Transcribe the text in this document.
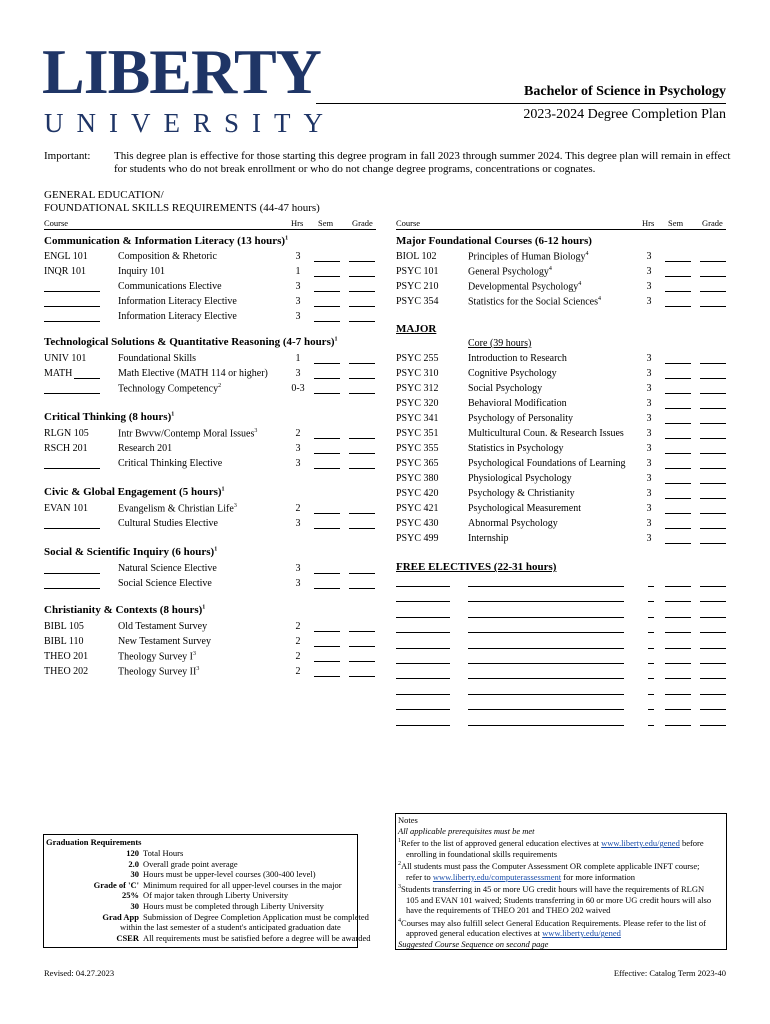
LIBERTY
UNIVERSITY
Bachelor of Science in Psychology
2023-2024 Degree Completion Plan
Important: This degree plan is effective for those starting this degree program in fall 2023 through summer 2024. This degree plan will remain in effect for students who do not break enrollment or who do not change degree programs, concentrations or cognates.
GENERAL EDUCATION/
FOUNDATIONAL SKILLS REQUIREMENTS (44-47 hours)
Course	Hrs Sem Grade	Course	Hrs Sem Grade
Communication & Information Literacy (13 hours)$^1$
Technological Solutions & Quantitative Reasoning (4-7 hours)$^1$
Critical Thinking (8 hours)$^1$
Civic & Global Engagement (5 hours)$^1$
Social & Scientific Inquiry (6 hours)$^1$
Christianity & Contexts (8 hours)$^1$
ENGL 101	Composition & Rhetoric	3
INQR 101	Inquiry 101	1
Communications Elective	3
Information Literacy Elective	3
Information Literacy Elective	3
UNIV 101	Foundational Skills	1
MATH	Math Elective (MATH 114 or higher)	3
Technology Competency$^2$	0-3
RLGN 105	Intr Bwvw/Contemp Moral Issues$^3$	2
RSCH 201	Research 201	3
Critical Thinking Elective	3
EVAN 101	Evangelism & Christian Life$^3$	2
Cultural Studies Elective	3
Natural Science Elective	3
Social Science Elective	3
BIBL 105	Old Testament Survey	2
BIBL 110	New Testament Survey	2
THEO 201	Theology Survey $I^3$	2
THEO 202	Theology Survey $II^3$	2
Major Foundational Courses (6-12 hours)
BIOL 102	Principles of Human Biology$^4$	3
PSYC 101	General Psychology$^4$	3
PSYC 210	Developmental Psychology$^4$	3
PSYC 354	Statistics for the Social Sciences$^4$	3
MAJOR
Core (39 hours)
PSYC 255	Introduction to Research	3
PSYC 310	Cognitive Psychology	3
PSYC 312	Social Psychology	3
PSYC 320	Behavioral Modification	3
PSYC 341	Psychology of Personality	3
PSYC 351	Multicultural Coun. & Research Issues	3
PSYC 355	Statistics in Psychology	3
PSYC 365	Psychological Foundations of Learning	3
PSYC 380	Physiological Psychology	3
PSYC 420	Psychology & Christianity	3
PSYC 421	Psychological Measurement	3
PSYC 430	Abnormal Psychology	3
PSYC 499	Internship	3
FREE ELECTIVES (22-31 hours)
Graduation Requirements
120 Total Hours
2.0 Overall grade point average
30 Hours must be upper-level courses (300-400 level)
Grade of 'C' Minimum required for all upper-level courses in the major
25% Of major taken through Liberty University
30 Hours must be completed through Liberty University
Grad App Submission of Degree Completion Application must be completed
within the last semester of a student's anticipated graduation date
CSER All requirements must be satisfied before a degree will be awarded
Notes
All applicable prerequisites must be met
$^1$Refer to the list of approved general education electives at www.liberty.edu/gened before
enrolling in foundational skills requirements
$^2$All students must pass the Computer Assessment OR complete applicable INFT course;
refer to www.liberty.edu/computerassessment for more information
$^3$Students transferring in 45 or more UG credit hours will have the requirements of RLGN
105 and EVAN 101 waived; Students transferring in 60 or more UG credit hours will also
have the requirements of THEO 201 and THEO 202 waived
$^4$Courses may also fulfill select General Education Requirements. Please refer to the list of
approved general education electives at www.liberty.edu/gened
Suggested Course Sequence on second page
Revised: 04.27.2023	Effective: Catalog Term 2023-40
